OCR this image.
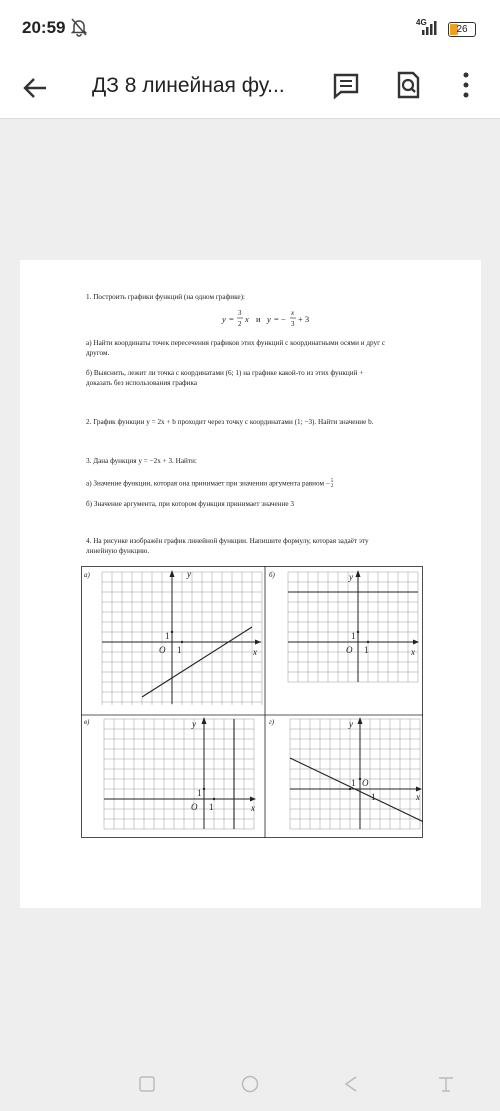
20:59	4G
26
ДЗ 8 линейная фу...
1. Построить графики функций (на одном графике):
y =
3
2 x и y = −
x
3 + 3
а) Найти координаты точек пересечения графиков этих функций с координатными осями и друг с
другом.
б) Выяснить, лежит ли точка с координатами (6; 1) на графике какой-то из этих функций +
доказать без использования графика
2. График функции y = 2x + b проходит через точку с координатами (1; −3). Найти значение b.
3. Дана функция y = −2x + 3. Найти:
а) Значение функции, которая она принимает при значении аргумента равном −5
2
б) Значение аргумента, при котором функция принимает значение 3
4. На рисунке изображён график линейной функции. Напишите формулу, которая задаёт эту
линейную функцию.
а)	y
x
1
1
O
б)	y
x
1
1
O
в)	y
x
1
1
O
г)	y
x
1
1
O
